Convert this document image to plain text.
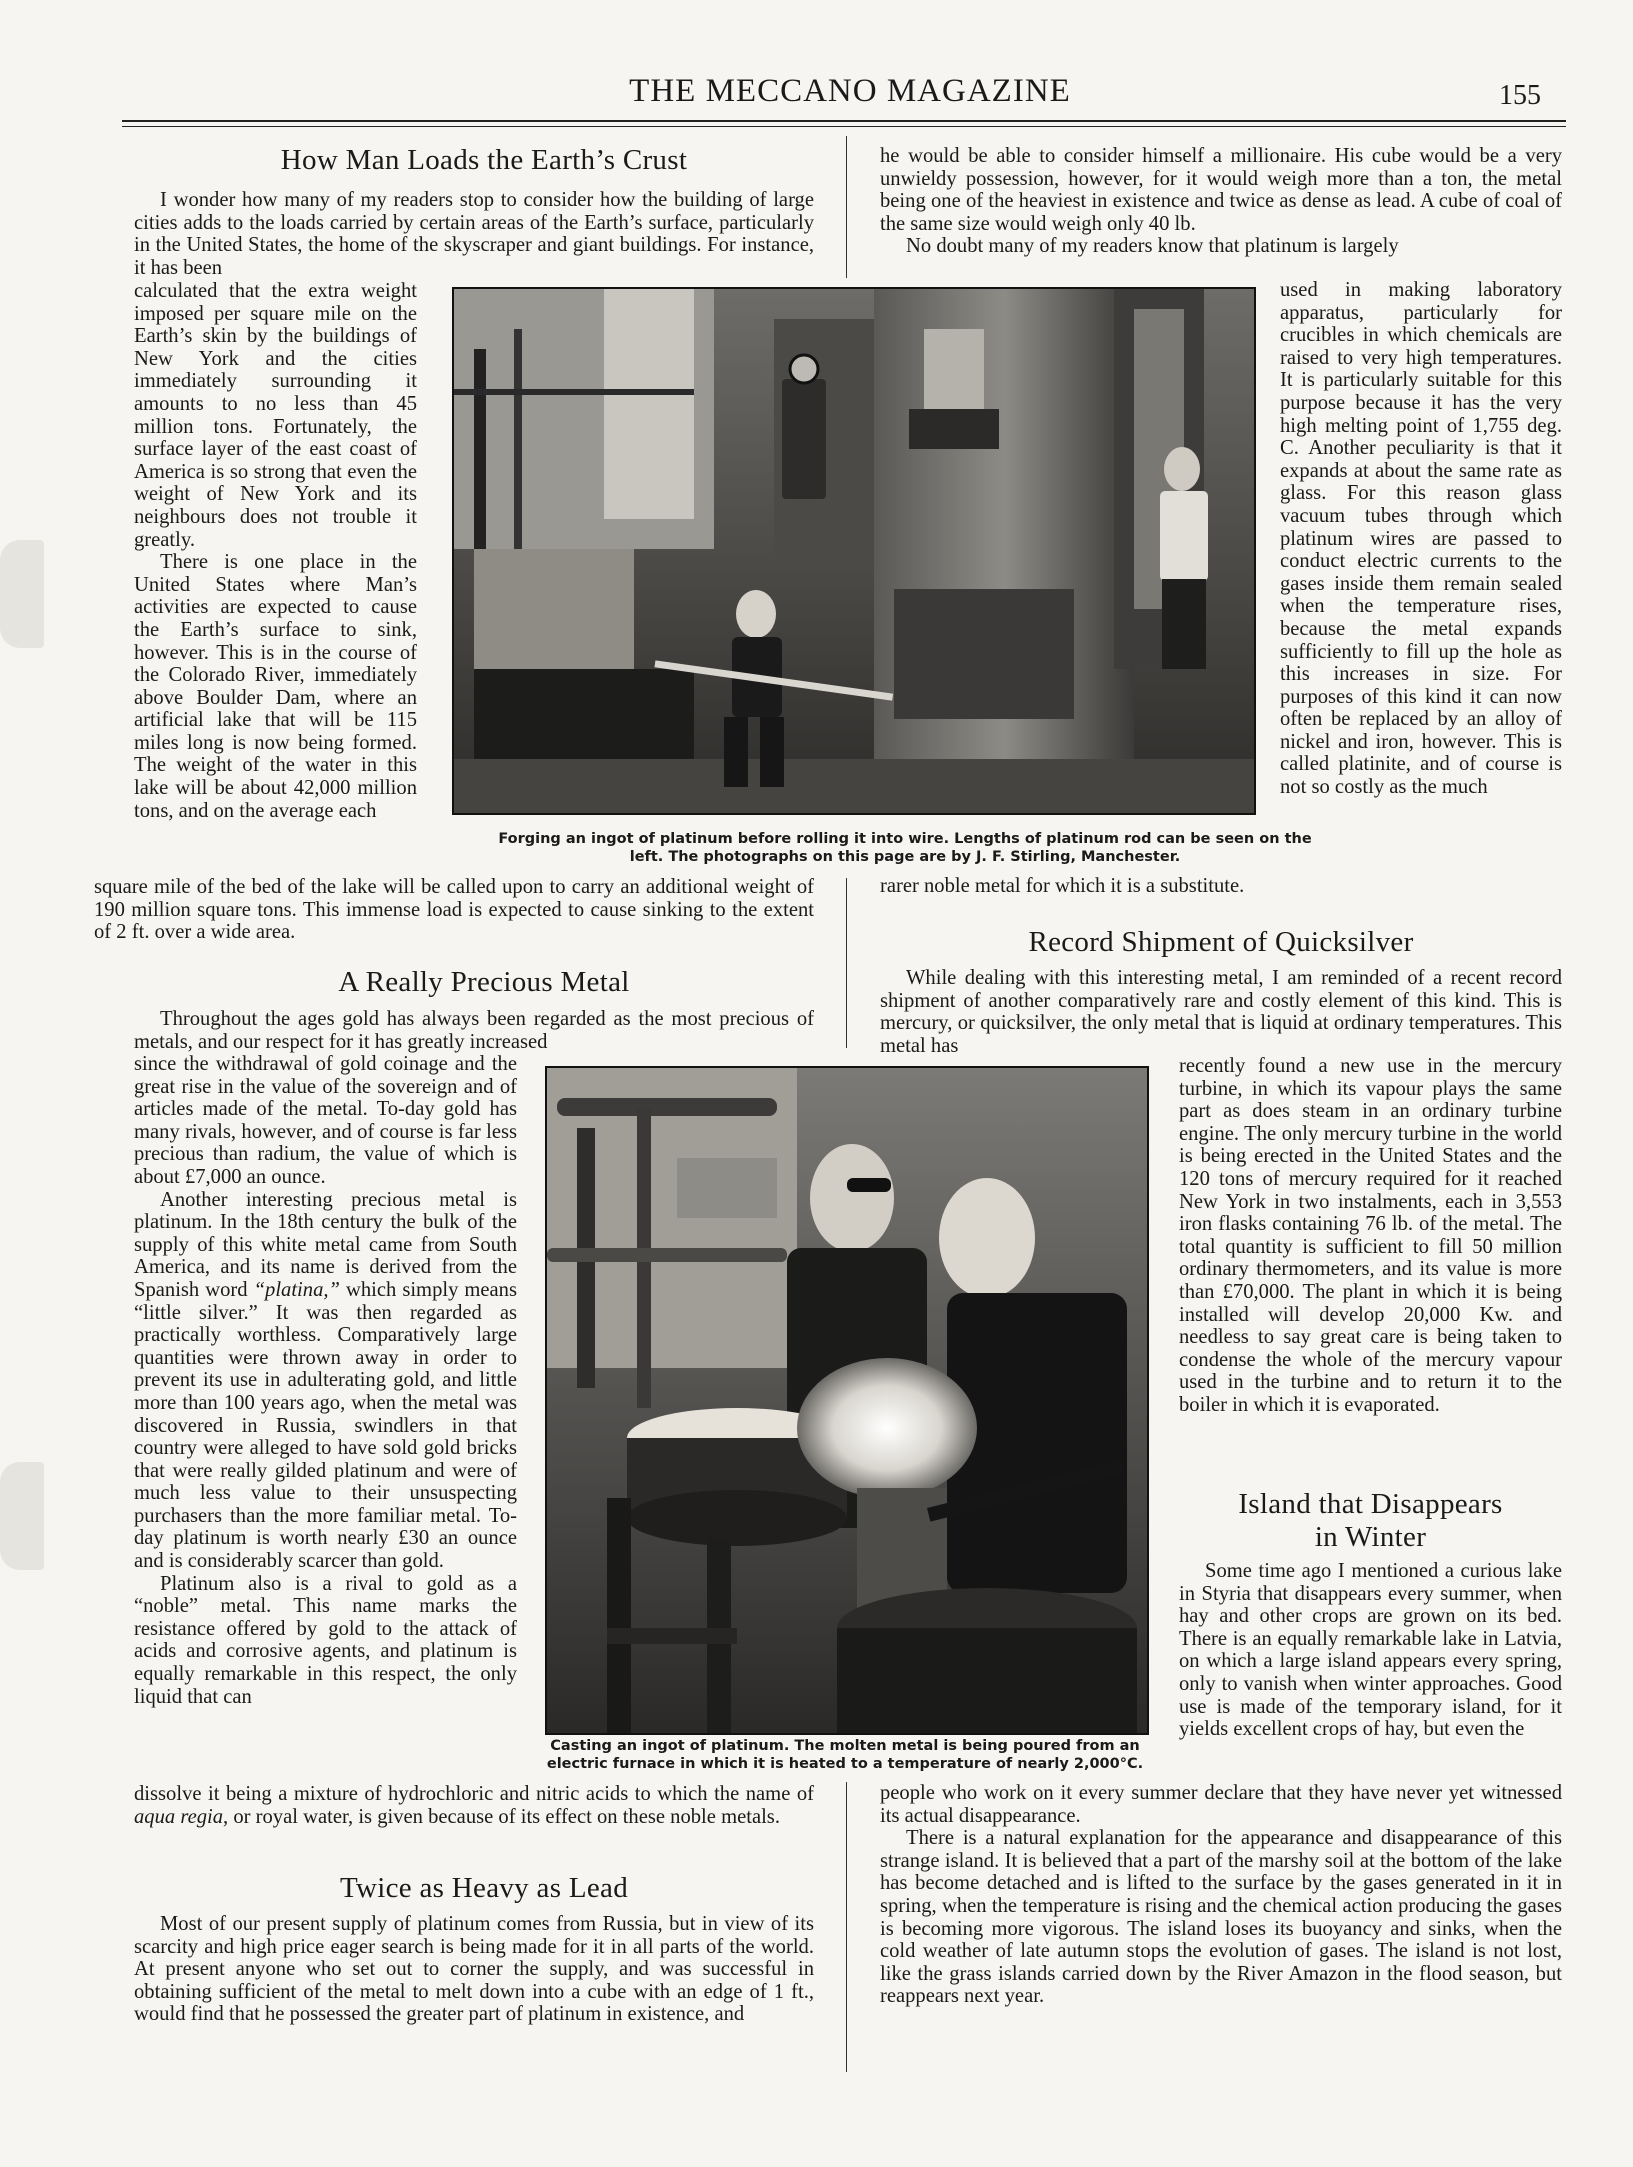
THE MECCANO MAGAZINE	155
How Man Loads the Earth’s Crust

I wonder how many of my readers stop to consider how the building of large cities adds to the loads carried by certain areas of the Earth’s surface, particularly in the United States, the home of the skyscraper and giant buildings. For instance, it has been

calculated that the extra weight imposed per square mile on the Earth’s skin by the buildings of New York and the cities immediately surrounding it amounts to no less than 45 million tons. Fortunately, the surface layer of the east coast of America is so strong that even the weight of New York and its neighbours does not trouble it greatly.

There is one place in the United States where Man’s activities are expected to cause the Earth’s surface to sink, however. This is in the course of the Colorado River, immediately above Boulder Dam, where an artificial lake that will be 115 miles long is now being formed. The weight of the water in this lake will be about 42,000 million tons, and on the average each

square mile of the bed of the lake will be called upon to carry an additional weight of 190 million square tons. This immense load is expected to cause sinking to the extent of 2 ft. over a wide area.

A Really Precious Metal

Throughout the ages gold has always been regarded as the most precious of metals, and our respect for it has greatly increased

since the withdrawal of gold coinage and the great rise in the value of the sovereign and of articles made of the metal. To-day gold has many rivals, however, and of course is far less precious than radium, the value of which is about £7,000 an ounce.

Another interesting precious metal is platinum. In the 18th century the bulk of the supply of this white metal came from South America, and its name is derived from the Spanish word “platina,” which simply means “little silver.” It was then regarded as practically worthless. Comparatively large quantities were thrown away in order to prevent its use in adulterating gold, and little more than 100 years ago, when the metal was discovered in Russia, swindlers in that country were alleged to have sold gold bricks that were really gilded platinum and were of much less value to their unsuspecting purchasers than the more familiar metal. To-day platinum is worth nearly £30 an ounce and is considerably scarcer than gold.

Platinum also is a rival to gold as a “noble” metal. This name marks the resistance offered by gold to the attack of acids and corrosive agents, and platinum is equally remarkable in this respect, the only liquid that can

dissolve it being a mixture of hydrochloric and nitric acids to which the name of aqua regia, or royal water, is given because of its effect on these noble metals.

Twice as Heavy as Lead

Most of our present supply of platinum comes from Russia, but in view of its scarcity and high price eager search is being made for it in all parts of the world. At present anyone who set out to corner the supply, and was successful in obtaining sufficient of the metal to melt down into a cube with an edge of 1 ft., would find that he possessed the greater part of platinum in existence, and

he would be able to consider himself a millionaire. His cube would be a very unwieldy possession, however, for it would weigh more than a ton, the metal being one of the heaviest in existence and twice as dense as lead. A cube of coal of the same size would weigh only 40 lb.

No doubt many of my readers know that platinum is largely

used in making laboratory apparatus, particularly for crucibles in which chemicals are raised to very high temperatures. It is particularly suitable for this purpose because it has the very high melting point of 1,755 deg. C. Another peculiarity is that it expands at about the same rate as glass. For this reason glass vacuum tubes through which platinum wires are passed to conduct electric currents to the gases inside them remain sealed when the temperature rises, because the metal expands sufficiently to fill up the hole as this increases in size. For purposes of this kind it can now often be replaced by an alloy of nickel and iron, however. This is called platinite, and of course is not so costly as the much

rarer noble metal for which it is a substitute.

Record Shipment of Quicksilver

While dealing with this interesting metal, I am reminded of a recent record shipment of another comparatively rare and costly element of this kind. This is mercury, or quicksilver, the only metal that is liquid at ordinary temperatures. This metal has

recently found a new use in the mercury turbine, in which its vapour plays the same part as does steam in an ordinary turbine engine. The only mercury turbine in the world is being erected in the United States and the 120 tons of mercury required for it reached New York in two instalments, each in 3,553 iron flasks containing 76 lb. of the metal. The total quantity is sufficient to fill 50 million ordinary thermometers, and its value is more than £70,000. The plant in which it is being installed will develop 20,000 Kw. and needless to say great care is being taken to condense the whole of the mercury vapour used in the turbine and to return it to the boiler in which it is evaporated.

Island that Disappears
in Winter

Some time ago I mentioned a curious lake in Styria that disappears every summer, when hay and other crops are grown on its bed. There is an equally remarkable lake in Latvia, on which a large island appears every spring, only to vanish when winter approaches. Good use is made of the temporary island, for it yields excellent crops of hay, but even the

people who work on it every summer declare that they have never yet witnessed its actual disappearance.

There is a natural explanation for the appearance and disappearance of this strange island. It is believed that a part of the marshy soil at the bottom of the lake has become detached and is lifted to the surface by the gases generated in it in spring, when the temperature is rising and the chemical action producing the gases is becoming more vigorous. The island loses its buoyancy and sinks, when the cold weather of late autumn stops the evolution of gases. The island is not lost, like the grass islands carried down by the River Amazon in the flood season, but reappears next year.

Forging an ingot of platinum before rolling it into wire. Lengths of platinum rod can be seen on the left. The photographs on this page are by J. F. Stirling, Manchester.

Casting an ingot of platinum. The molten metal is being poured from an electric furnace in which it is heated to a temperature of nearly 2,000°C.
